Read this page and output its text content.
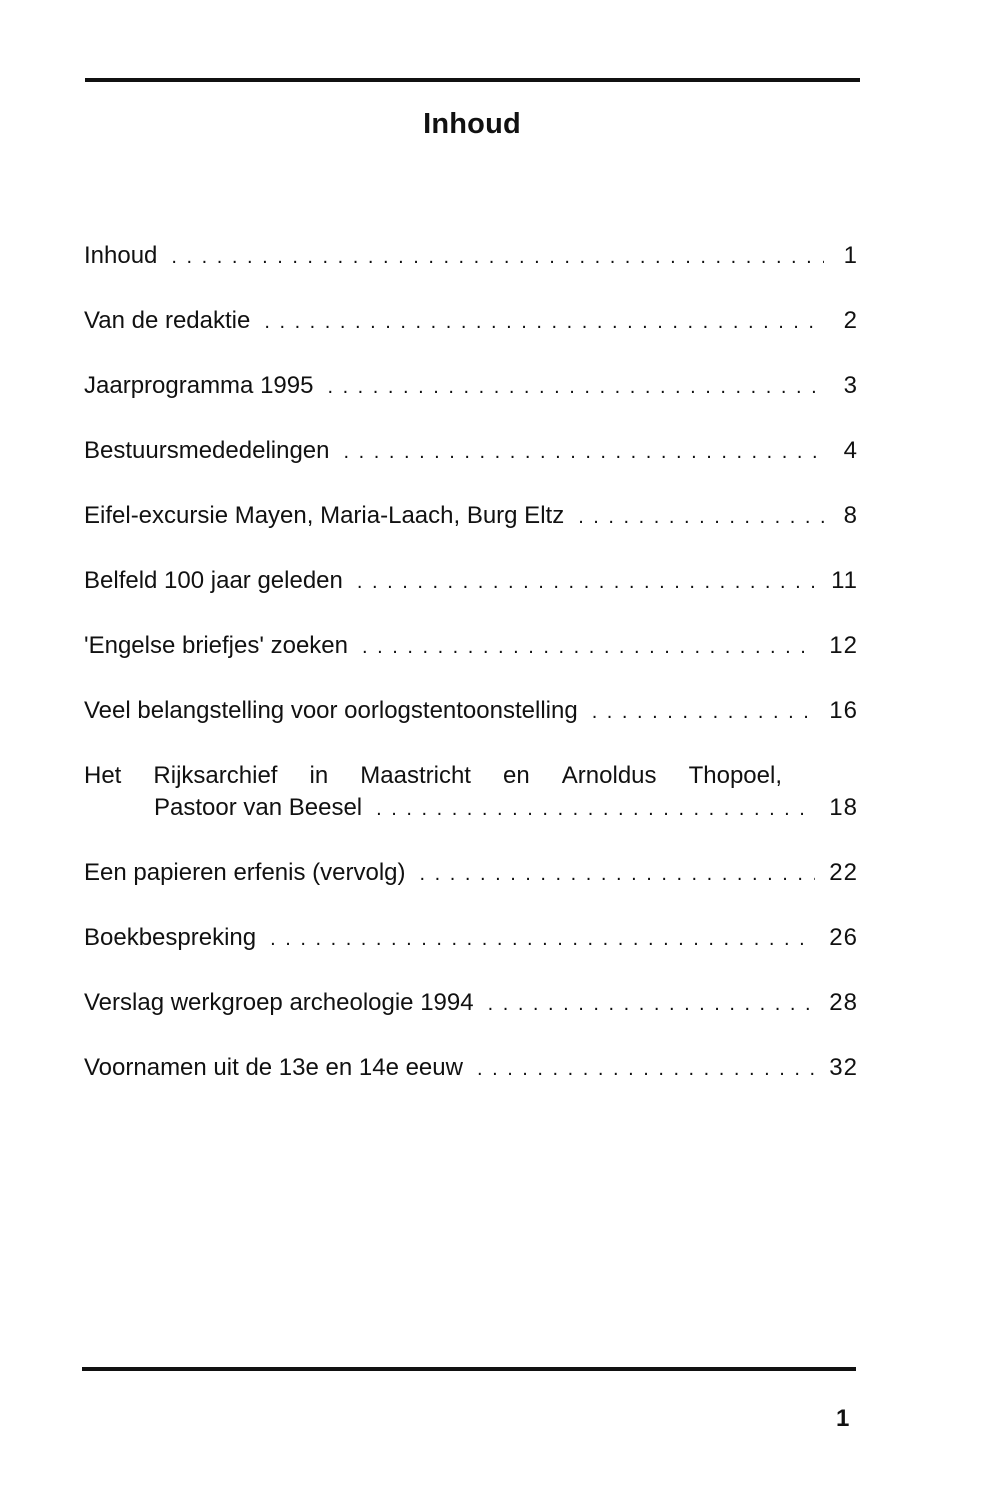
Inhoud
Inhoud . . .	1
Van de redaktie . . .	2
Jaarprogramma 1995 . . .	3
Bestuursmededelingen . . .	4
Eifel-excursie Mayen, Maria-Laach, Burg Eltz . . .	8
Belfeld 100 jaar geleden . . .	11
'Engelse briefjes' zoeken . . .	12
Veel belangstelling voor oorlogstentoonstelling . . .	16
Het Rijksarchief in Maastricht en Arnoldus Thopoel,
Pastoor van Beesel . . .	18
Een papieren erfenis (vervolg) . . .	22
Boekbespreking . . .	26
Verslag werkgroep archeologie 1994 . . .	28
Voornamen uit de 13e en 14e eeuw . . .	32
1
